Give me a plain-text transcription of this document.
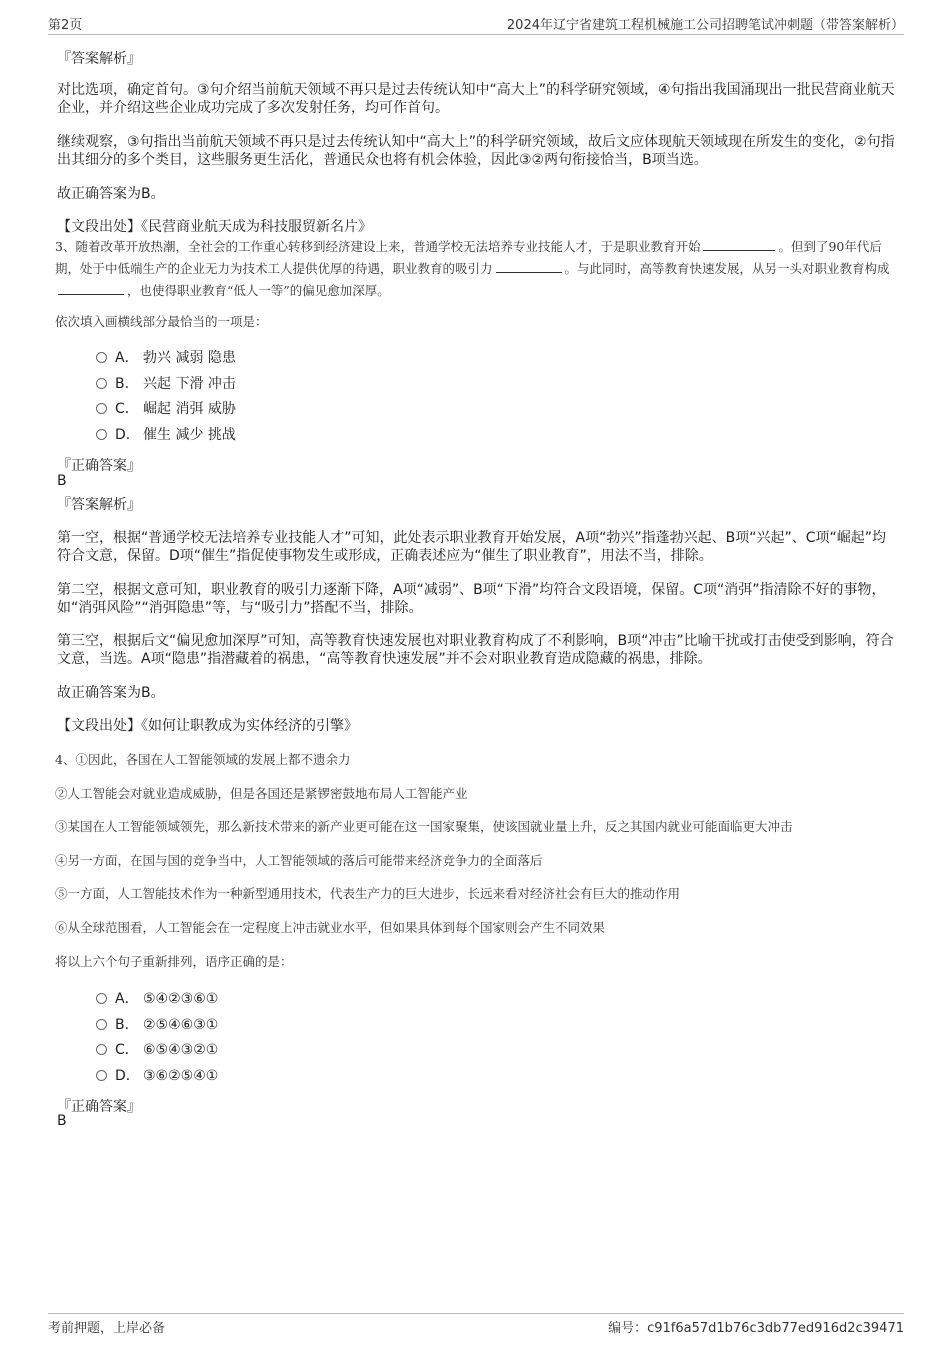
第2页	2024年辽宁省建筑工程机械施工公司招聘笔试冲刺题（带答案解析）
『答案解析』
对比选项，确定首句。③句介绍当前航天领域不再只是过去传统认知中“高大上”的科学研究领域，④句指出我国涌现出一批民营商业航天企业，并介绍这些企业成功完成了多次发射任务，均可作首句。
继续观察，③句指出当前航天领域不再只是过去传统认知中“高大上”的科学研究领域，故后文应体现航天领域现在所发生的变化，②句指出其细分的多个类目，这些服务更生活化，普通民众也将有机会体验，因此③②两句衔接恰当，B项当选。
故正确答案为B。
【文段出处】《民营商业航天成为科技服贸新名片》
3、随着改革开放热潮，全社会的工作重心转移到经济建设上来，普通学校无法培养专业技能人才，于是职业教育开始	。但到了90年代后期，处于中低端生产的企业无力为技术工人提供优厚的待遇，职业教育的吸引力	。与此同时，高等教育快速发展，从另一头对职业教育构成，也使得职业教育“低人一等”的偏见愈加深厚。
依次填入画横线部分最恰当的一项是：
A． 勃兴 减弱 隐患
B． 兴起 下滑 冲击
C． 崛起 消弭 威胁
D． 催生 减少 挑战
『正确答案』
B
『答案解析』
第一空，根据“普通学校无法培养专业技能人才”可知，此处表示职业教育开始发展，A项“勃兴”指蓬勃兴起、B项“兴起”、C项“崛起”均符合文意，保留。D项“催生”指促使事物发生或形成，正确表述应为“催生了职业教育”，用法不当，排除。
第二空，根据文意可知，职业教育的吸引力逐渐下降，A项“减弱”、B项“下滑”均符合文段语境，保留。C项“消弭”指清除不好的事物，如“消弭风险”“消弭隐患”等，与“吸引力”搭配不当，排除。
第三空，根据后文“偏见愈加深厚”可知，高等教育快速发展也对职业教育构成了不利影响，B项“冲击”比喻干扰或打击使受到影响，符合文意，当选。A项“隐患”指潜藏着的祸患，“高等教育快速发展”并不会对职业教育造成隐藏的祸患，排除。
故正确答案为B。
【文段出处】《如何让职教成为实体经济的引擎》
4、①因此，各国在人工智能领域的发展上都不遗余力
②人工智能会对就业造成威胁，但是各国还是紧锣密鼓地布局人工智能产业
③某国在人工智能领域领先，那么新技术带来的新产业更可能在这一国家聚集，使该国就业量上升，反之其国内就业可能面临更大冲击
④另一方面，在国与国的竞争当中，人工智能领域的落后可能带来经济竞争力的全面落后
⑤一方面，人工智能技术作为一种新型通用技术，代表生产力的巨大进步，长远来看对经济社会有巨大的推动作用
⑥从全球范围看，人工智能会在一定程度上冲击就业水平，但如果具体到每个国家则会产生不同效果
将以上六个句子重新排列，语序正确的是：
A． ⑤④②③⑥①
B． ②⑤④⑥③①
C． ⑥⑤④③②①
D． ③⑥②⑤④①
『正确答案』
B
考前押题，上岸必备	编号：c91f6a57d1b76c3db77ed916d2c39471
